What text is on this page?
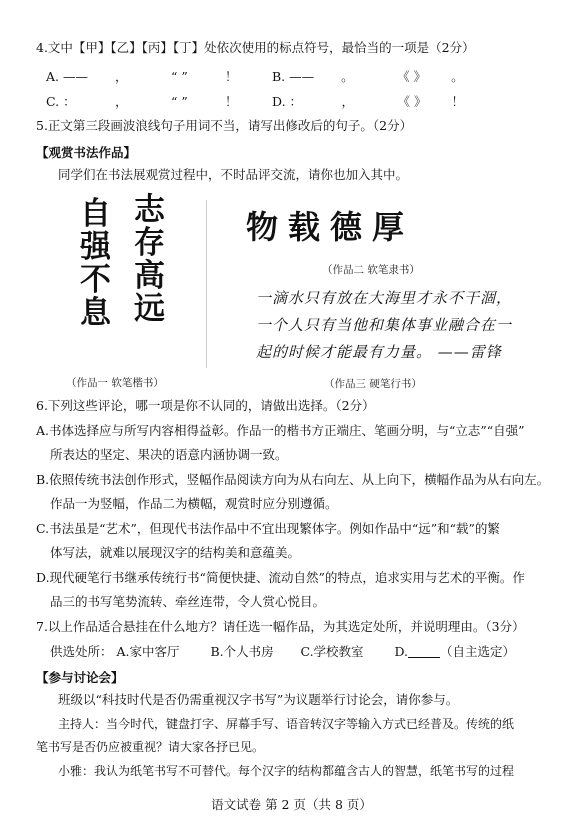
4.文中【甲】【乙】【丙】【丁】处依次使用的标点符号，最恰当的一项是（2分）
A. —— ，	“ ”	！	B. —— 。	《 》 。
C. ：	，	“ ”	！	D. ：	，	《 》 ！
5.正文第三段画波浪线句子用词不当，请写出修改后的句子。（2分）
【观赏书法作品】
同学们在书法展观赏过程中，不时品评交流，请你也加入其中。
自
强
不
息
志
存
高
远
（作品一 软笔楷书）
物载德厚
（作品二 软笔隶书）
一滴水只有放在大海里才永不干涸，
一个人只有当他和集体事业融合在一
起的时候才能最有力量。 ——雷锋
（作品三 硬笔行书）
6.下列这些评论，哪一项是你不认同的，请做出选择。（2分）
A.书体选择应与所写内容相得益彰。作品一的楷书方正端庄、笔画分明，与“立志”“自强”
所表达的坚定、果决的语意内涵协调一致。
B.依照传统书法创作形式，竖幅作品阅读方向为从右向左、从上向下，横幅作品为从右向左。
作品一为竖幅，作品二为横幅，观赏时应分别遵循。
C.书法虽是“艺术”，但现代书法作品中不宜出现繁体字。例如作品中“远”和“载”的繁
体写法，就难以展现汉字的结构美和意蕴美。
D.现代硬笔行书继承传统行书“简便快捷、流动自然”的特点，追求实用与艺术的平衡。作
品三的书写笔势流转、牵丝连带，令人赏心悦目。
7.以上作品适合悬挂在什么地方？请任选一幅作品，为其选定处所，并说明理由。（3分）
供选处所： A.家中客厅 B.个人书房 C.学校教室 D.	（自主选定）
【参与讨论会】
班级以“科技时代是否仍需重视汉字书写”为议题举行讨论会，请你参与。
主持人：当今时代，键盘打字、屏幕手写、语音转汉字等输入方式已经普及。传统的纸
笔书写是否仍应被重视？请大家各抒已见。
小雅：我认为纸笔书写不可替代。每个汉字的结构都蕴含古人的智慧，纸笔书写的过程
语文试卷 第 2 页（共 8 页）
